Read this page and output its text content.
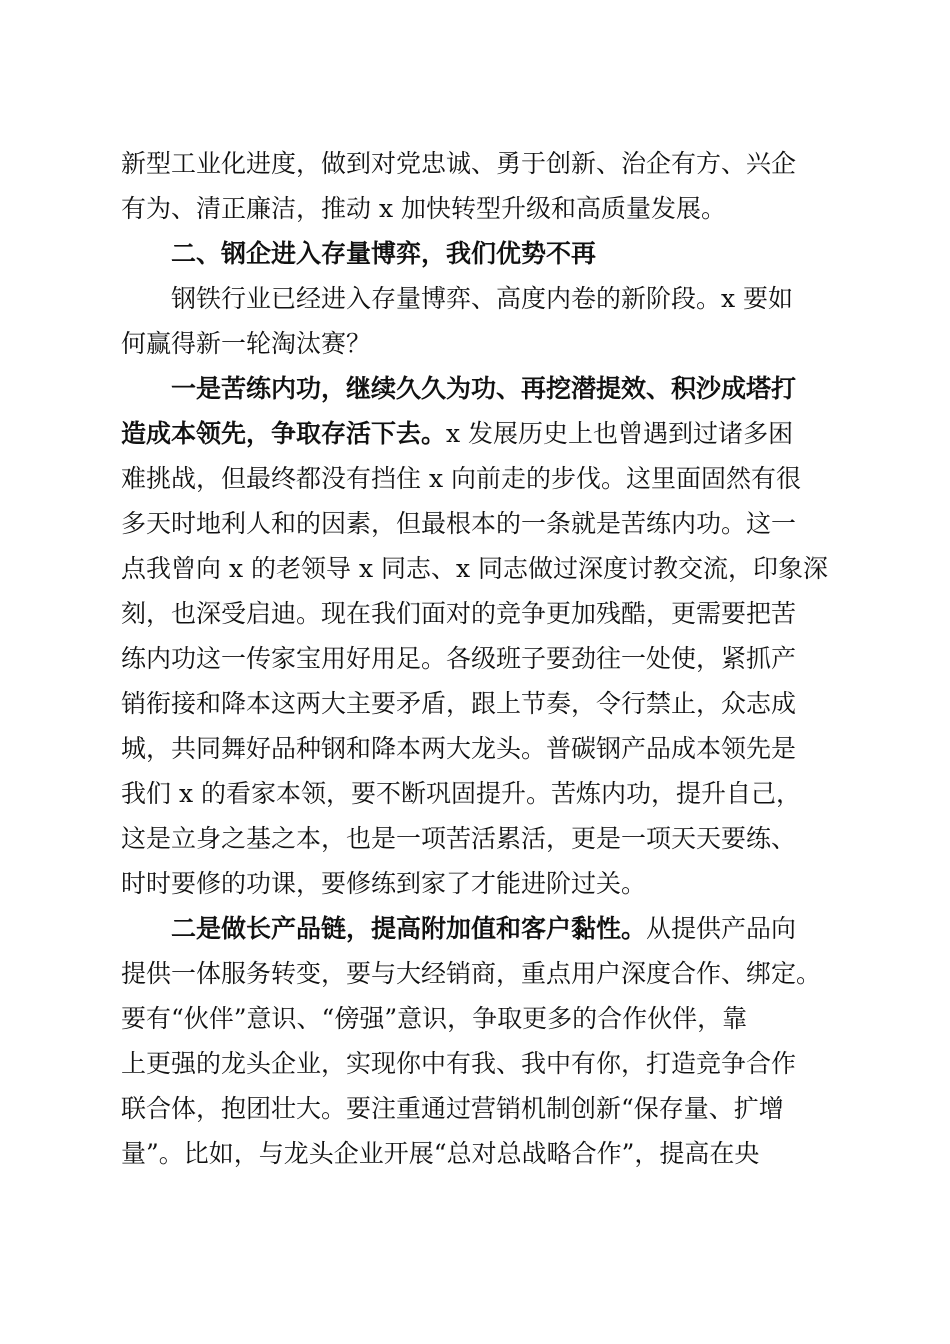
新型工业化进度，做到对党忠诚、勇于创新、治企有方、兴企
有为、清正廉洁，推动 x 加快转型升级和高质量发展。
二、钢企进入存量博弈，我们优势不再
钢铁行业已经进入存量博弈、高度内卷的新阶段。x 要如
何赢得新一轮淘汰赛？
一是苦练内功，继续久久为功、再挖潜提效、积沙成塔打
造成本领先，争取存活下去。x 发展历史上也曾遇到过诸多困
难挑战，但最终都没有挡住 x 向前走的步伐。这里面固然有很
多天时地利人和的因素，但最根本的一条就是苦练内功。这一
点我曾向 x 的老领导 x 同志、x 同志做过深度讨教交流，印象深
刻，也深受启迪。现在我们面对的竞争更加残酷，更需要把苦
练内功这一传家宝用好用足。各级班子要劲往一处使，紧抓产
销衔接和降本这两大主要矛盾，跟上节奏，令行禁止，众志成
城，共同舞好品种钢和降本两大龙头。普碳钢产品成本领先是
我们 x 的看家本领，要不断巩固提升。苦炼内功，提升自己，
这是立身之基之本，也是一项苦活累活，更是一项天天要练、
时时要修的功课，要修练到家了才能进阶过关。
二是做长产品链，提高附加值和客户黏性。从提供产品向
提供一体服务转变，要与大经销商，重点用户深度合作、绑定。
要有“伙伴”意识、“傍强”意识，争取更多的合作伙伴，靠
上更强的龙头企业，实现你中有我、我中有你，打造竞争合作
联合体，抱团壮大。要注重通过营销机制创新“保存量、扩增
量”。比如，与龙头企业开展“总对总战略合作”，提高在央
